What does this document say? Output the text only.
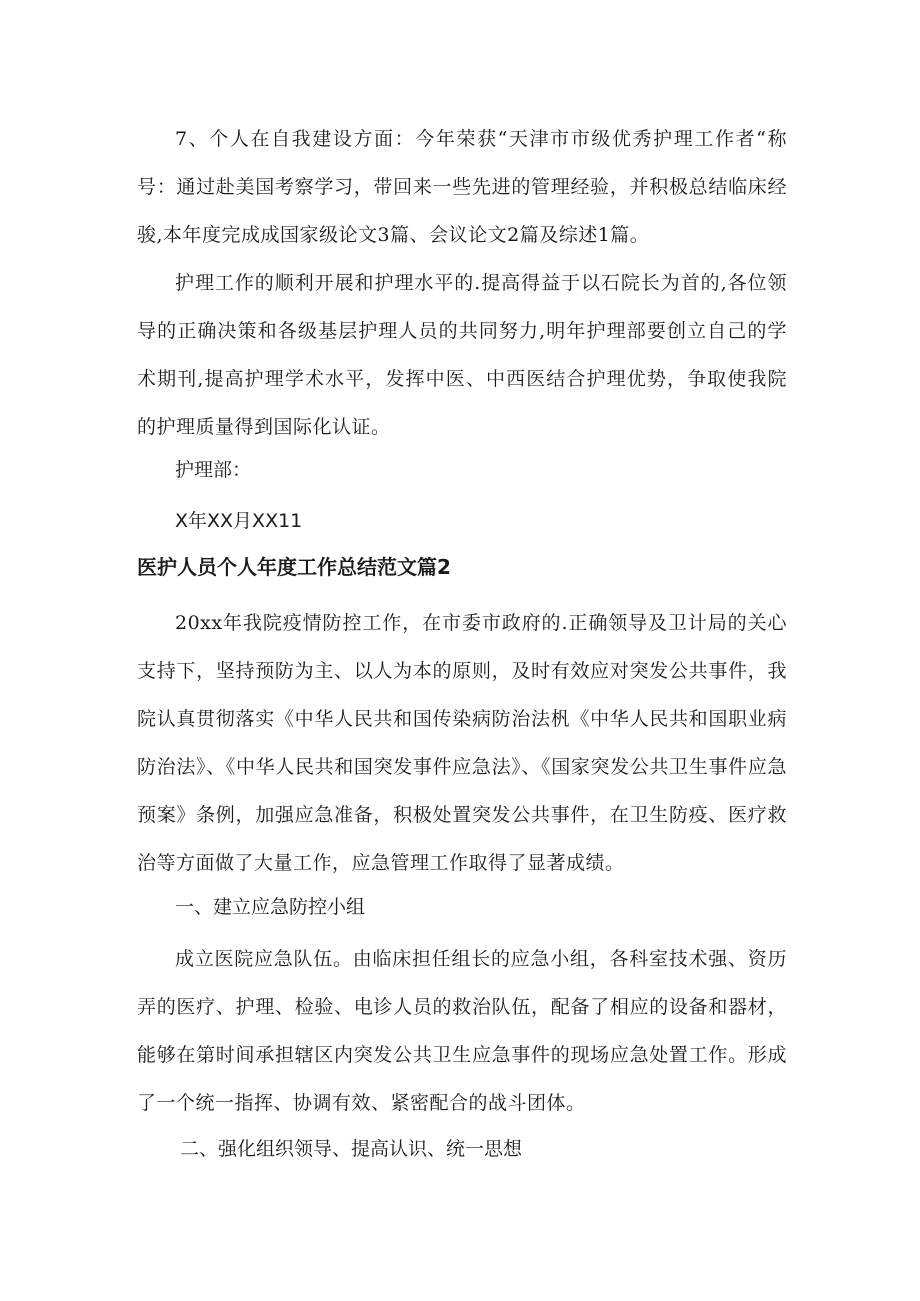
7、个人在自我建设方面：今年荣获“天津市市级优秀护理工作者“称号：通过赴美国考察学习，带回来一些先进的管理经验，并积极总结临床经骏,本年度完成成国家级论文3篇、会议论文2篇及综述1篇。

护理工作的顺利开展和护理水平的.提高得益于以石院长为首的,各位领导的正确决策和各级基层护理人员的共同努力,明年护理部要创立自己的学术期刊,提高护理学术水平，发挥中医、中西医结合护理优势，争取使我院的护理质量得到国际化认证。

护理部：

X年XX月XX11

医护人员个人年度工作总结范文篇2

20xx年我院疫情防控工作，在市委市政府的.正确领导及卫计局的关心支持下，坚持预防为主、以人为本的原则，及时有效应对突发公共事件，我院认真贯彻落实《中华人民共和国传染病防治法杋《中华人民共和国职业病防治法》、《中华人民共和国突发事件应急法》、《国家突发公共卫生事件应急预案》条例，加强应急准备，积极处置突发公共事件，在卫生防疫、医疗救治等方面做了大量工作，应急管理工作取得了显著成绩。

一、建立应急防控小组

成立医院应急队伍。由临床担任组长的应急小组，各科室技术强、资历弄的医疗、护理、检验、电诊人员的救治队伍，配备了相应的设备和器材，能够在第时间承担辖区内突发公共卫生应急事件的现场应急处置工作。形成了一个统一指挥、协调有效、紧密配合的战斗团体。

二、强化组织领导、提高认识、统一思想
